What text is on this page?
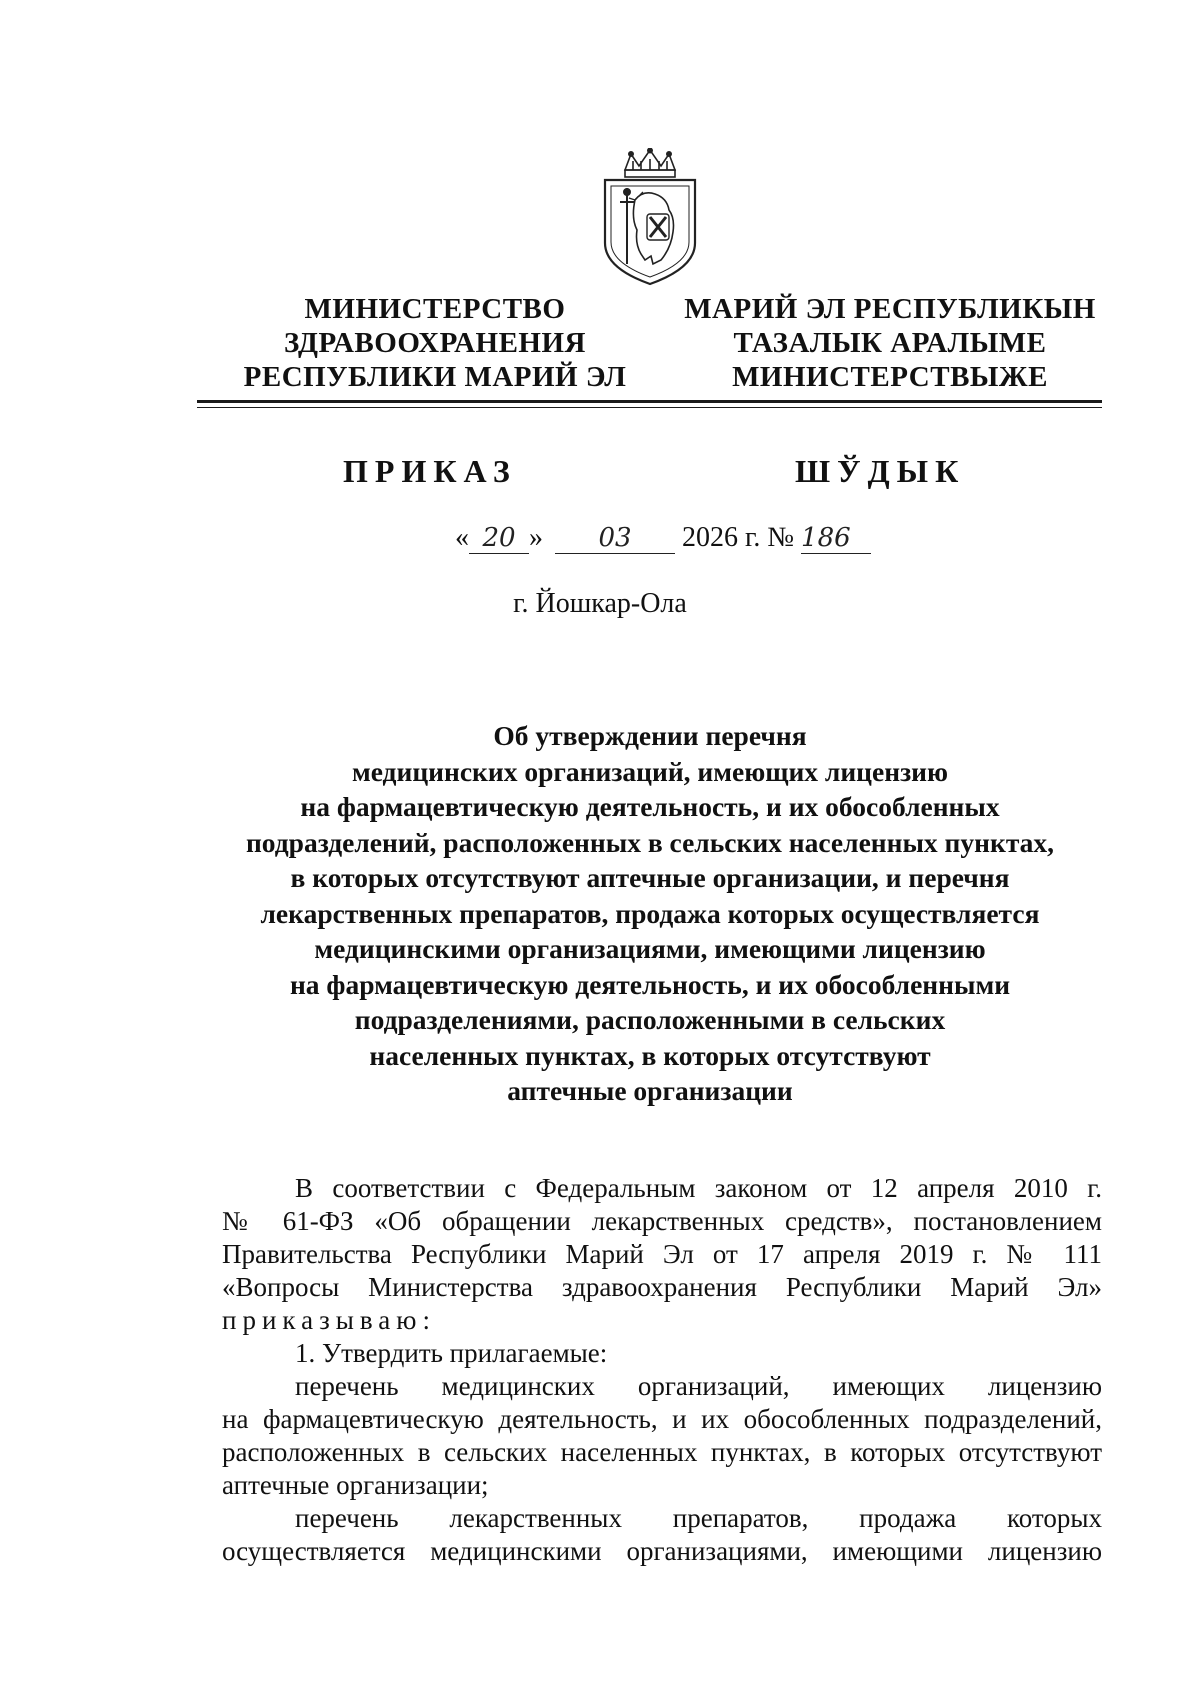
МИНИСТЕРСТВО
ЗДРАВООХРАНЕНИЯ
РЕСПУБЛИКИ МАРИЙ ЭЛ
МАРИЙ ЭЛ РЕСПУБЛИКЫН
ТАЗАЛЫК АРАЛЫМЕ
МИНИСТЕРСТВЫЖЕ
ПРИКАЗ	ШЎДЫК
« 20 » 03 2026 г. № 186
г. Йошкар-Ола
Об утверждении перечня
медицинских организаций, имеющих лицензию
на фармацевтическую деятельность, и их обособленных
подразделений, расположенных в сельских населенных пунктах,
в которых отсутствуют аптечные организации, и перечня
лекарственных препаратов, продажа которых осуществляется
медицинскими организациями, имеющими лицензию
на фармацевтическую деятельность, и их обособленными
подразделениями, расположенными в сельских
населенных пунктах, в которых отсутствуют
аптечные организации
В соответствии с Федеральным законом от 12 апреля 2010 г.
№ 61-ФЗ «Об обращении лекарственных средств», постановлением
Правительства Республики Марий Эл от 17 апреля 2019 г. № 111
«Вопросы Министерства здравоохранения Республики Марий Эл»
приказываю:
1. Утвердить прилагаемые:
перечень медицинских организаций, имеющих лицензию
на фармацевтическую деятельность, и их обособленных подразделений,
расположенных в сельских населенных пунктах, в которых отсутствуют
аптечные организации;
перечень лекарственных препаратов, продажа которых
осуществляется медицинскими организациями, имеющими лицензию
